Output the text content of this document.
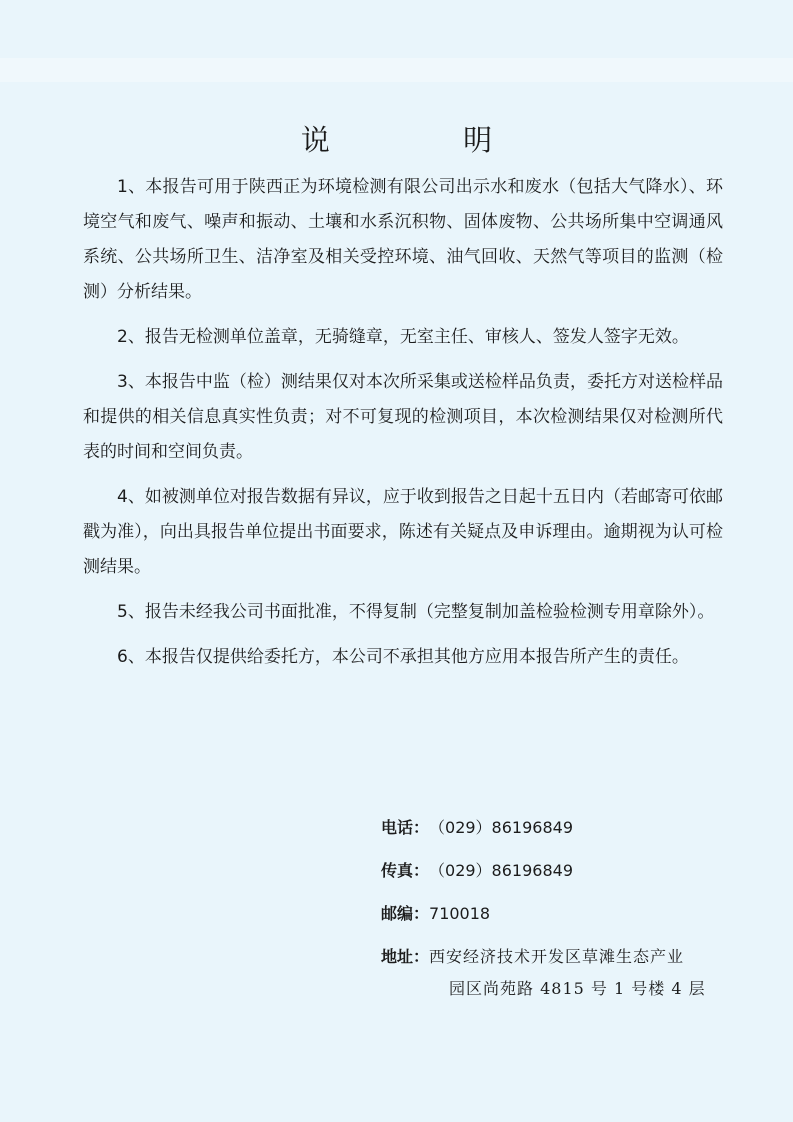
说 明

1、本报告可用于陕西正为环境检测有限公司出示水和废水（包括大气降水）、环境空气和废气、噪声和振动、土壤和水系沉积物、固体废物、公共场所集中空调通风系统、公共场所卫生、洁净室及相关受控环境、油气回收、天然气等项目的监测（检测）分析结果。

2、报告无检测单位盖章，无骑缝章，无室主任、审核人、签发人签字无效。

3、本报告中监（检）测结果仅对本次所采集或送检样品负责，委托方对送检样品和提供的相关信息真实性负责；对不可复现的检测项目，本次检测结果仅对检测所代表的时间和空间负责。

4、如被测单位对报告数据有异议，应于收到报告之日起十五日内（若邮寄可依邮戳为准），向出具报告单位提出书面要求，陈述有关疑点及申诉理由。逾期视为认可检测结果。

5、报告未经我公司书面批准，不得复制（完整复制加盖检验检测专用章除外）。

6、本报告仅提供给委托方，本公司不承担其他方应用本报告所产生的责任。

电话： （029）86196849
传真： （029）86196849
邮编： 710018
地址： 西安经济技术开发区草滩生态产业
园区尚苑路 4815 号 1 号楼 4 层
